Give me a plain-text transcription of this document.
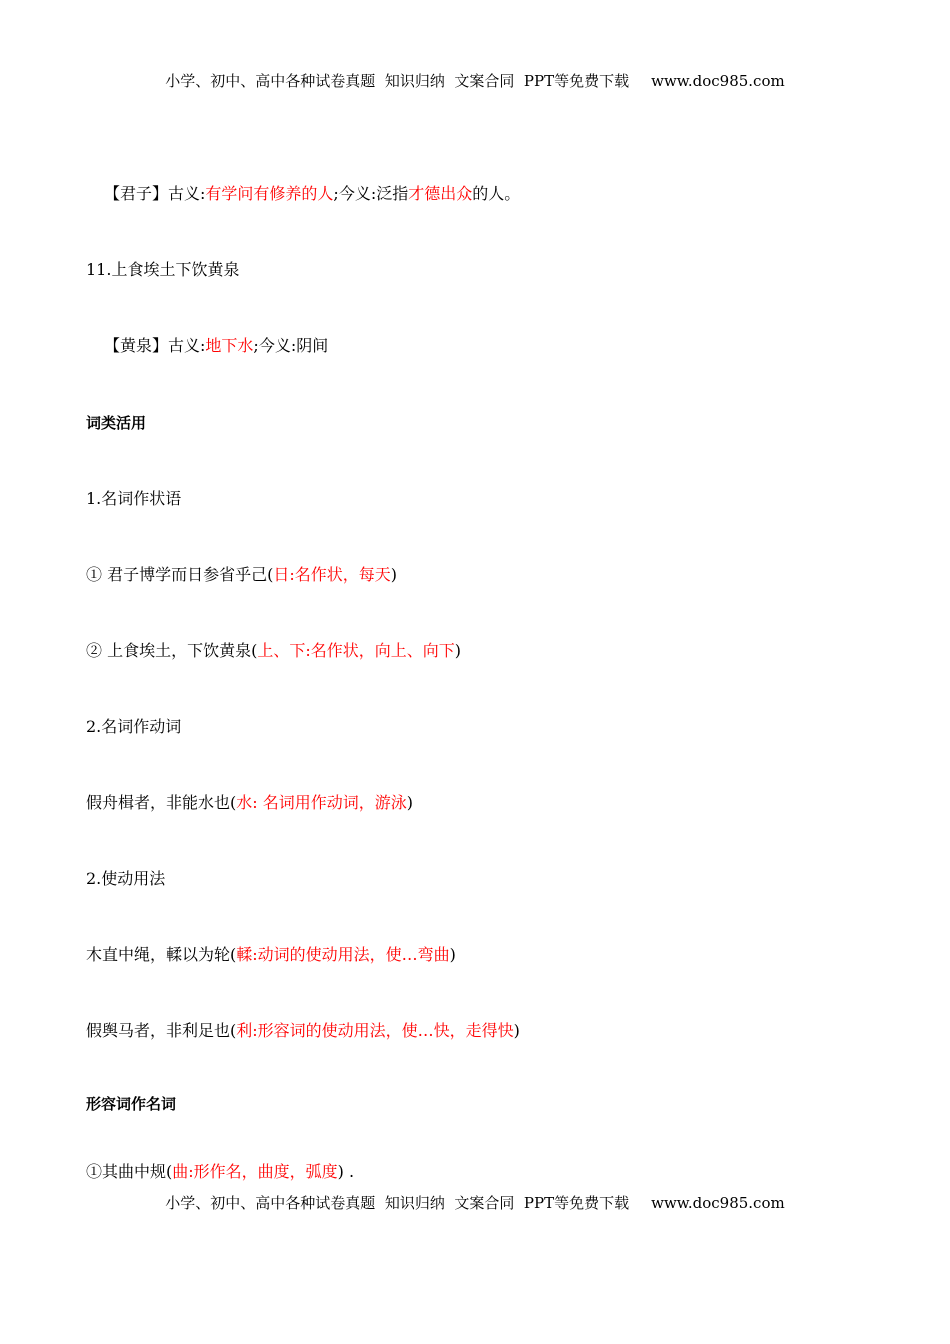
小学、初中、高中各种试卷真题  知识归纳  文案合同  PPT等免费下载 www.doc985.com
【君子】古义:有学问有修养的人;今义:泛指才德出众的人。
11.上食埃土下饮黄泉
【黄泉】古义:地下水;今义:阴间
词类活用
1.名词作状语
① 君子博学而日参省乎己(日:名作状，每天)
② 上食埃土，下饮黄泉(上、下:名作状，向上、向下)
2.名词作动词
假舟楫者，非能水也(水: 名词用作动词，游泳)
2.使动用法
木直中绳，輮以为轮(輮:动词的使动用法，使…弯曲)
假舆马者，非利足也(利:形容词的使动用法，使…快，走得快)
形容词作名词
①其曲中规(曲:形作名，曲度，弧度) .
小学、初中、高中各种试卷真题  知识归纳  文案合同  PPT等免费下载 www.doc985.com
